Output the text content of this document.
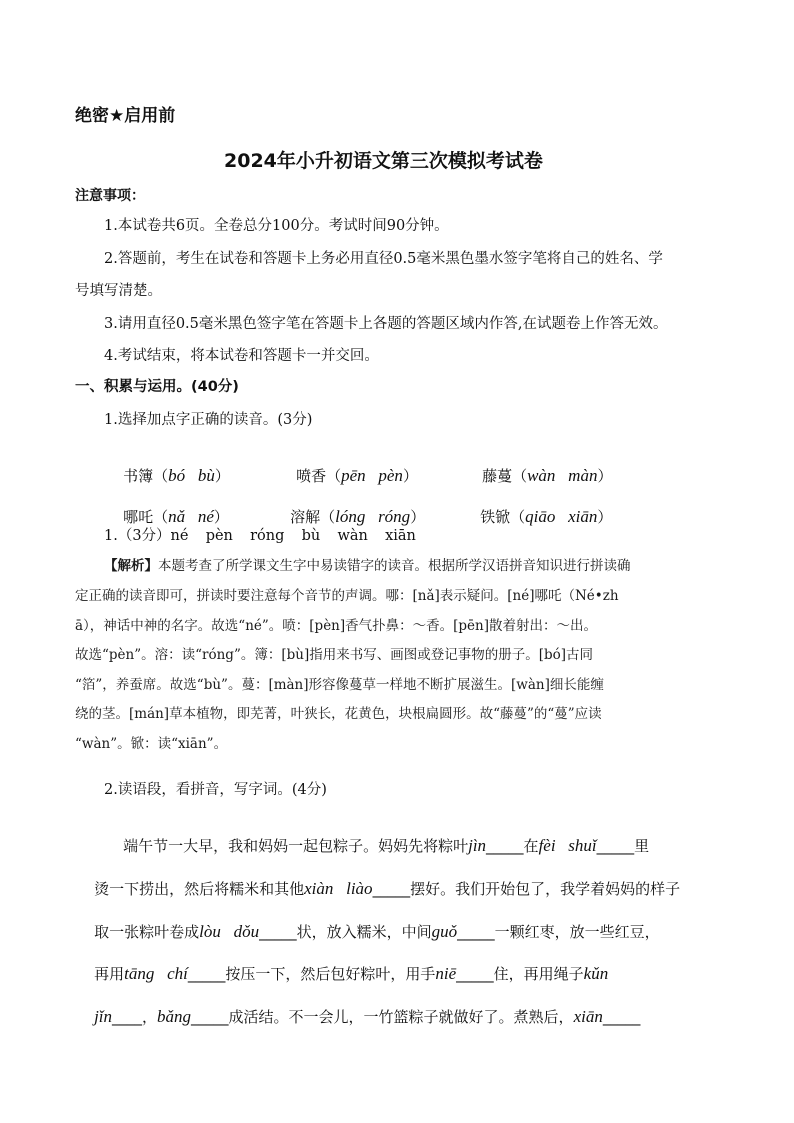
绝密★启用前
2024年小升初语文第三次模拟考试卷
注意事项：
1.本试卷共6页。全卷总分100分。考试时间90分钟。
2.答题前，考生在试卷和答题卡上务必用直径0.5毫米黑色墨水签字笔将自己的姓名、学
号填写清楚。
3.请用直径0.5毫米黑色签字笔在答题卡上各题的答题区域内作答,在试题卷上作答无效。
4.考试结束，将本试卷和答题卡一并交回。
一、积累与运用。(40分)
1.选择加点字正确的读音。(3分)

书簿（bó   bù）
	喷香（pēn   pèn）
	藤蔓（wàn   màn）

哪吒（nǎ   né）
	溶解（lóng   róng）
	铁锨（qiāo   xiān）

1.（3分）né  pèn  róng  bù  wàn  xiān
【解析】本题考查了所学课文生字中易读错字的读音。根据所学汉语拼音知识进行拼读确
定正确的读音即可，拼读时要注意每个音节的声调。哪：[nǎ]表示疑问。[né]哪吒（Né•zh
ā），神话中神的名字。故选“né”。喷：[pèn]香气扑鼻：～香。[pēn]散着射出：～出。
故选“pèn”。溶：读“róng”。簿：[bù]指用来书写、画图或登记事物的册子。[bó]古同
“箔”，养蚕席。故选“bù”。蔓：[màn]形容像蔓草一样地不断扩展滋生。[wàn]细长能缠
绕的茎。[mán]草本植物，即芜菁，叶狭长，花黄色，块根扁圆形。故“藤蔓”的“蔓”应读
“wàn”。锨：读“xiān”。
2.读语段，看拼音，写字词。(4分)

端午节一大早，我和妈妈一起包粽子。妈妈先将粽叶jìn_____在fèi   shuǐ_____里

烫一下捞出，然后将糯米和其他xiàn   liào_____摆好。我们开始包了，我学着妈妈的样子

取一张粽叶卷成lòu   dǒu_____状，放入糯米，中间guǒ_____一颗红枣，放一些红豆，

再用tāng   chí_____按压一下，然后包好粽叶，用手niē_____住，再用绳子kǔn

jǐn____，bǎng_____成活结。不一会儿，一竹篮粽子就做好了。煮熟后，xiān_____
